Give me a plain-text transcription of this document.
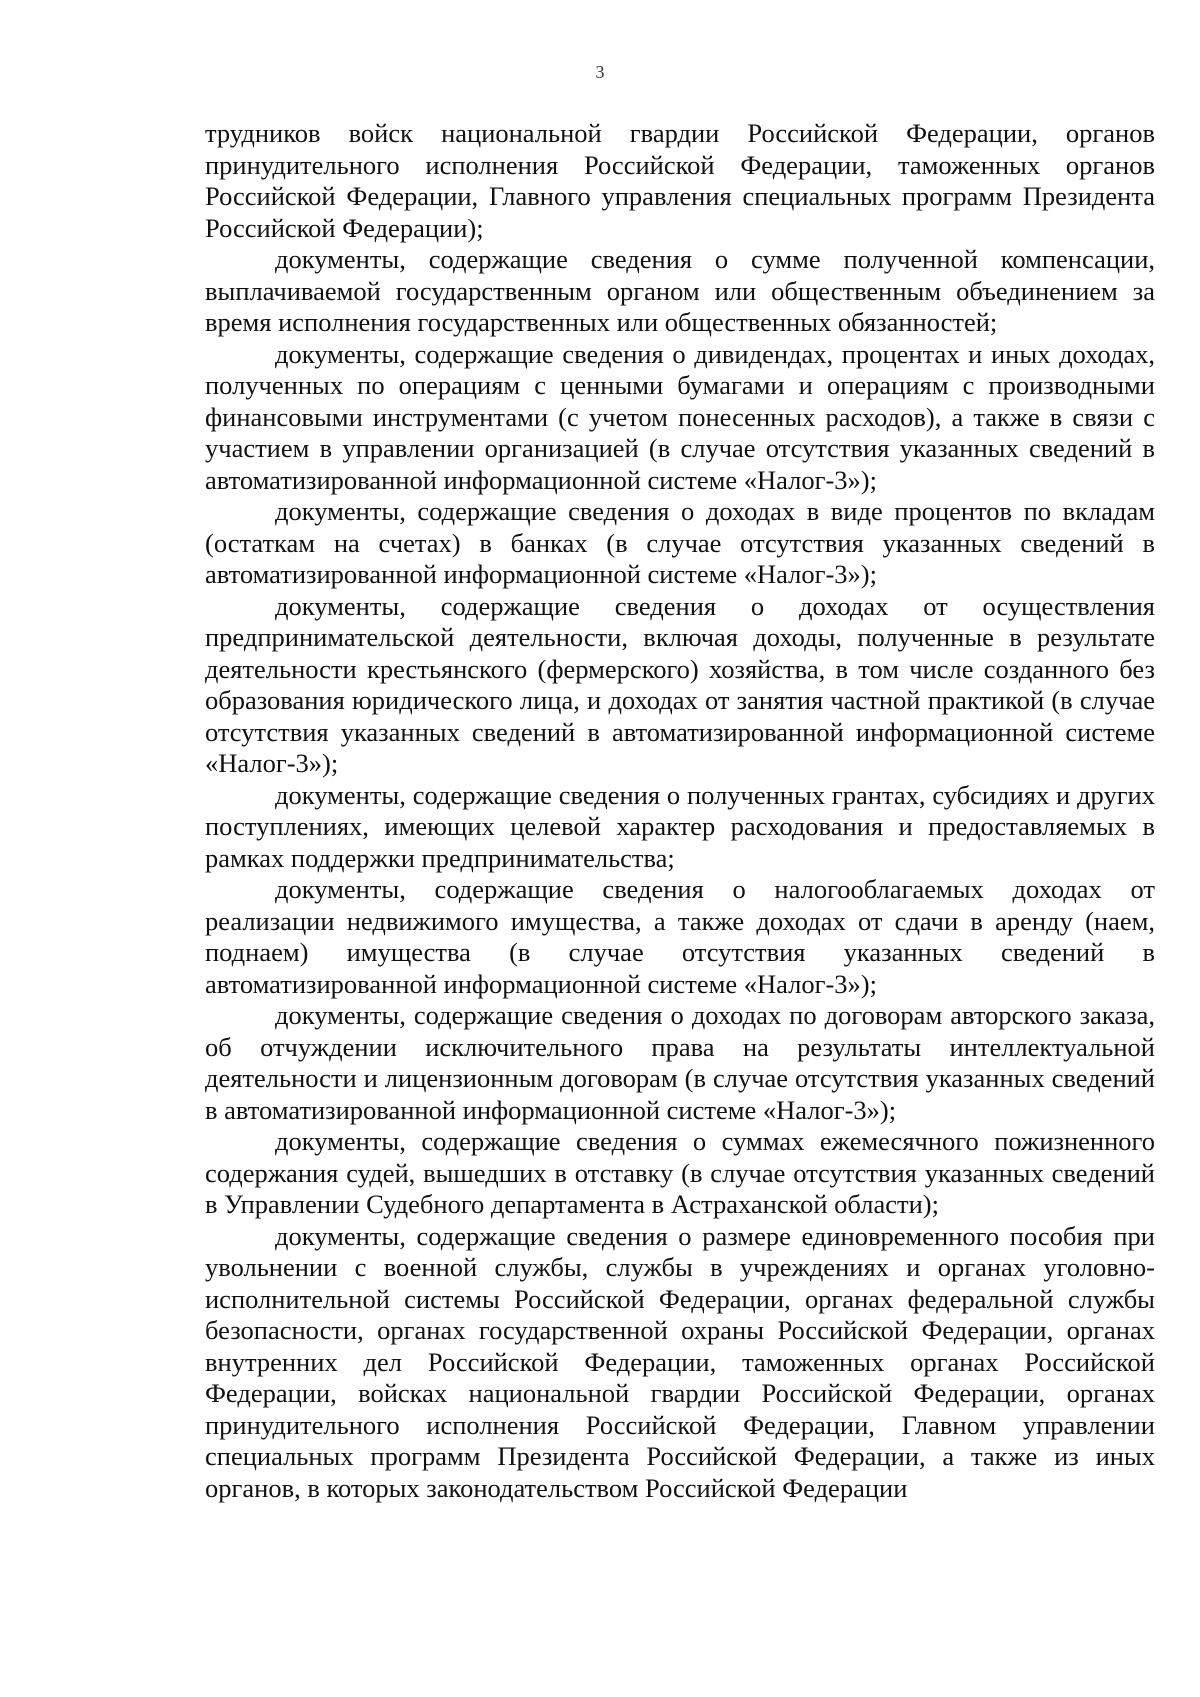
3

трудников войск национальной гвардии Российской Федерации, органов принудительного исполнения Российской Федерации, таможенных органов Российской Федерации, Главного управления специальных программ Президента Российской Федерации);

документы, содержащие сведения о сумме полученной компенсации, выплачиваемой государственным органом или общественным объединением за время исполнения государственных или общественных обязанностей;

документы, содержащие сведения о дивидендах, процентах и иных доходах, полученных по операциям с ценными бумагами и операциям с производными финансовыми инструментами (с учетом понесенных расходов), а также в связи с участием в управлении организацией (в случае отсутствия указанных сведений в автоматизированной информационной системе «Налог-3»);

документы, содержащие сведения о доходах в виде процентов по вкладам (остаткам на счетах) в банках (в случае отсутствия указанных сведений в автоматизированной информационной системе «Налог-3»);

документы, содержащие сведения о доходах от осуществления предпринимательской деятельности, включая доходы, полученные в результате деятельности крестьянского (фермерского) хозяйства, в том числе созданного без образования юридического лица, и доходах от занятия частной практикой (в случае отсутствия указанных сведений в автоматизированной информационной системе «Налог-3»);

документы, содержащие сведения о полученных грантах, субсидиях и других поступлениях, имеющих целевой характер расходования и предоставляемых в рамках поддержки предпринимательства;

документы, содержащие сведения о налогооблагаемых доходах от реализации недвижимого имущества, а также доходах от сдачи в аренду (наем, поднаем) имущества (в случае отсутствия указанных сведений в автоматизированной информационной системе «Налог-3»);

документы, содержащие сведения о доходах по договорам авторского заказа, об отчуждении исключительного права на результаты интеллектуальной деятельности и лицензионным договорам (в случае отсутствия указанных сведений в автоматизированной информационной системе «Налог-3»);

документы, содержащие сведения о суммах ежемесячного пожизненного содержания судей, вышедших в отставку (в случае отсутствия указанных сведений в Управлении Судебного департамента в Астраханской области);

документы, содержащие сведения о размере единовременного пособия при увольнении с военной службы, службы в учреждениях и органах уголовно-исполнительной системы Российской Федерации, органах федеральной службы безопасности, органах государственной охраны Российской Федерации, органах внутренних дел Российской Федерации, таможенных органах Российской Федерации, войсках национальной гвардии Российской Федерации, органах принудительного исполнения Российской Федерации, Главном управлении специальных программ Президента Российской Федерации, а также из иных органов, в которых законодательством Российской Федерации
